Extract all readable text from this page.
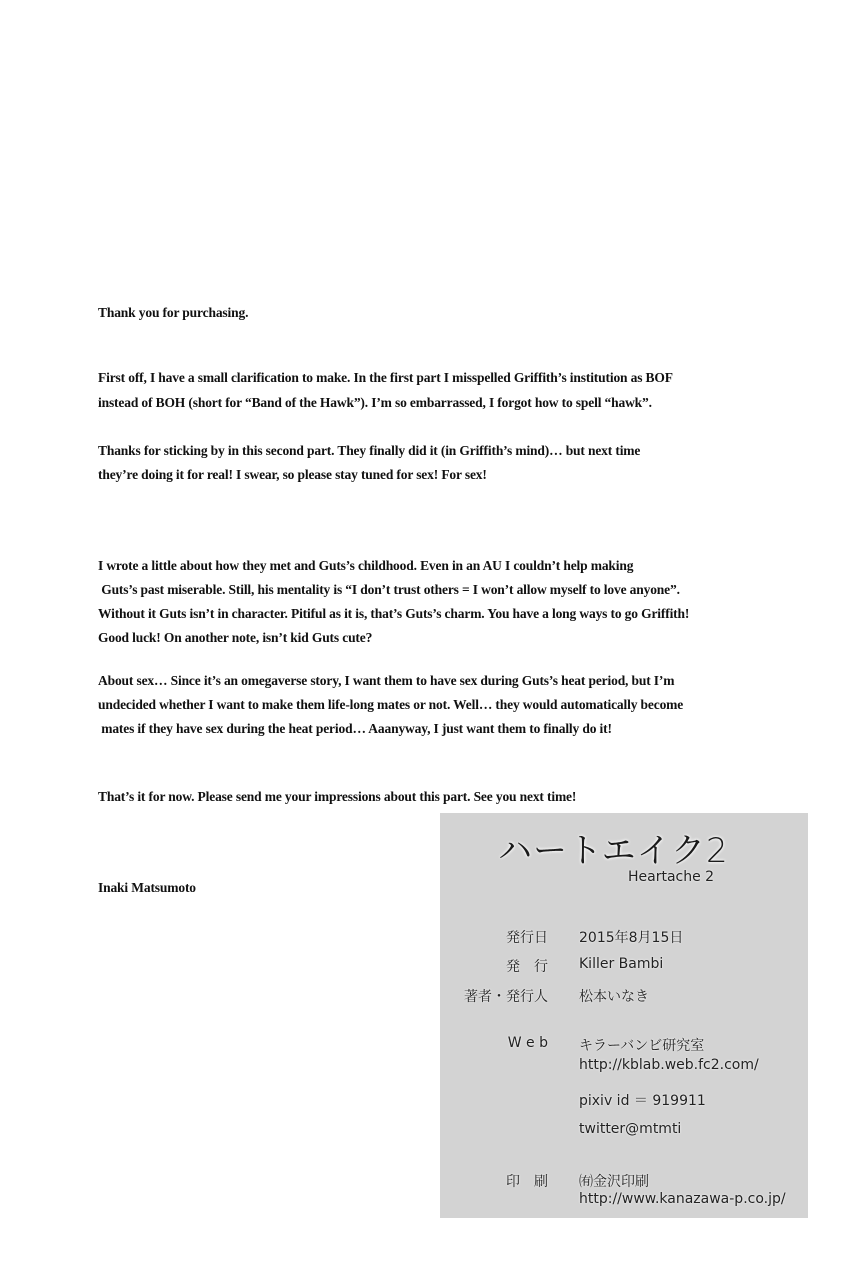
Thank you for purchasing.
First off, I have a small clarification to make. In the first part I misspelled Griffith’s institution as BOF
instead of BOH (short for “Band of the Hawk”). I’m so embarrassed, I forgot how to spell “hawk”.
Thanks for sticking by in this second part. They finally did it (in Griffith’s mind)… but next time
they’re doing it for real! I swear, so please stay tuned for sex! For sex!
I wrote a little about how they met and Guts’s childhood. Even in an AU I couldn’t help making
Guts’s past miserable. Still, his mentality is “I don’t trust others = I won’t allow myself to love anyone”.
Without it Guts isn’t in character. Pitiful as it is, that’s Guts’s charm. You have a long ways to go Griffith!
Good luck! On another note, isn’t kid Guts cute?
About sex… Since it’s an omegaverse story, I want them to have sex during Guts’s heat period, but I’m
undecided whether I want to make them life-long mates or not. Well… they would automatically become
mates if they have sex during the heat period… Aaanyway, I just want them to finally do it!
That’s it for now. Please send me your impressions about this part. See you next time!
Inaki Matsumoto
ハートエイク2
Heartache 2
発行日 2015年8月15日
発　行 Killer Bambi
著者・発行人 松本いなき
W e b キラーバンビ研究室
http://kblab.web.fc2.com/
pixiv id ＝ 919911
twitter@mtmti
印　刷 ㈲金沢印刷
http://www.kanazawa-p.co.jp/
